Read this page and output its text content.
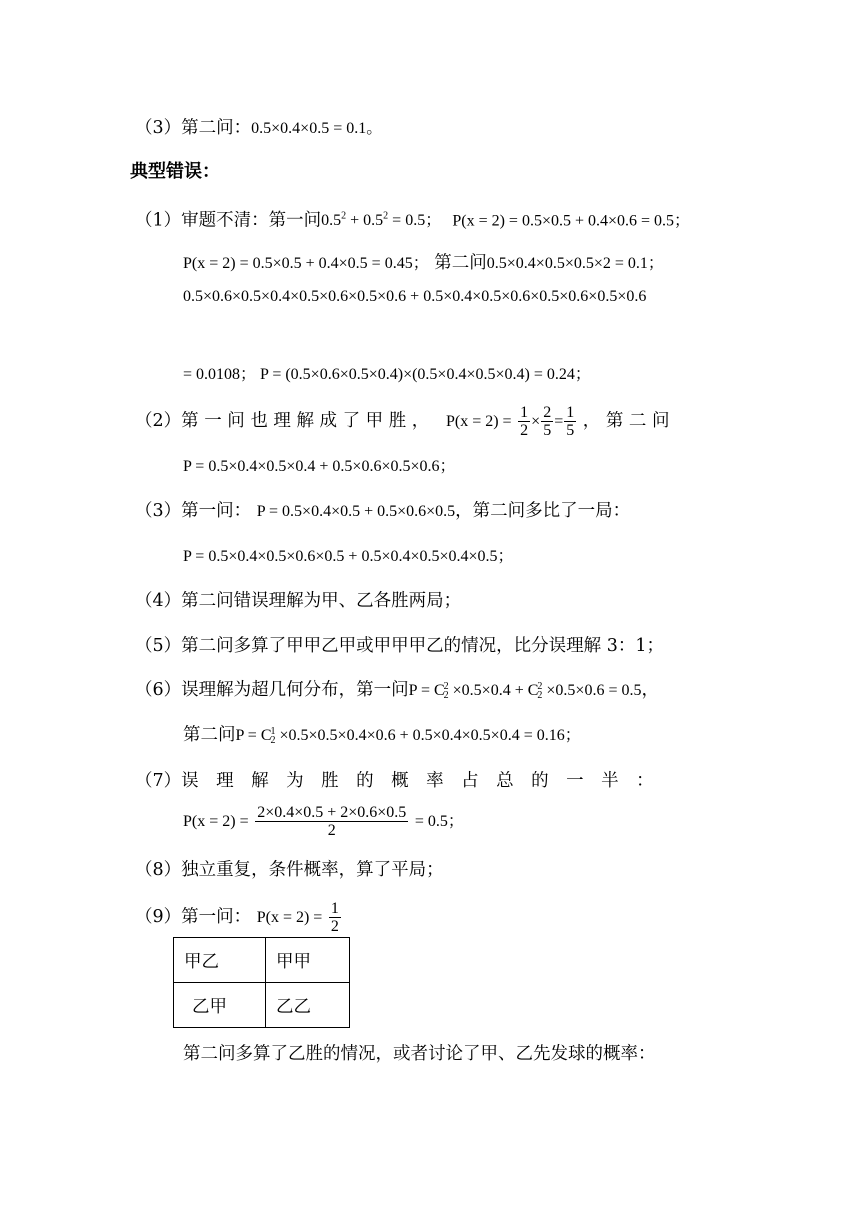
（3）第二问：0.5×0.4×0.5 = 0.1。
典型错误：
（1）审题不清：第一问$0.5^2 + 0.5^2 = 0.5$； P(x = 2) = 0.5×0.5 + 0.4×0.6 = 0.5；
P(x = 2) = 0.5×0.5 + 0.4×0.5 = 0.45； 第二问0.5×0.4×0.5×0.5×2 = 0.1；
0.5×0.6×0.5×0.4×0.5×0.6×0.5×0.6 + 0.5×0.4×0.5×0.6×0.5×0.6×0.5×0.6
= 0.0108； P = (0.5×0.6×0.5×0.4)×(0.5×0.4×0.5×0.4) = 0.24；
（2）第 一 问 也 理 解 成 了 甲 胜 ， $P(x = 2) = \frac{1}{2} \times \frac{2}{5} = \frac{1}{5}$ ， 第 二 问
P = 0.5×0.4×0.5×0.4 + 0.5×0.6×0.5×0.6；
（3）第一问： P = 0.5×0.4×0.5 + 0.5×0.6×0.5，第二问多比了一局：
P = 0.5×0.4×0.5×0.6×0.5 + 0.5×0.4×0.5×0.4×0.5；
（4）第二问错误理解为甲、乙各胜两局；
（5）第二问多算了甲甲乙甲或甲甲甲乙的情况，比分误理解 3：1；
（6）误理解为超几何分布，第一问P = C 2
2 ×0.5×0.4 + C 2
2 ×0.5×0.6 = 0.5，
第二问P = C 1
2 ×0.5×0.5×0.4×0.6 + 0.5×0.4×0.5×0.4 = 0.16；
（7）误　理　解　为　胜　的　概　率　占　总　的　一　半　：
$P(x = 2) = \frac{2\times 0.4\times 0.5 + 2\times 0.6\times 0.5}{2} = 0.5$；
（8）独立重复，条件概率，算了平局；
（9）第一问： $P(x = 2) = \frac{1}{2}$
甲乙	甲甲
乙甲	乙乙
第二问多算了乙胜的情况，或者讨论了甲、乙先发球的概率：
